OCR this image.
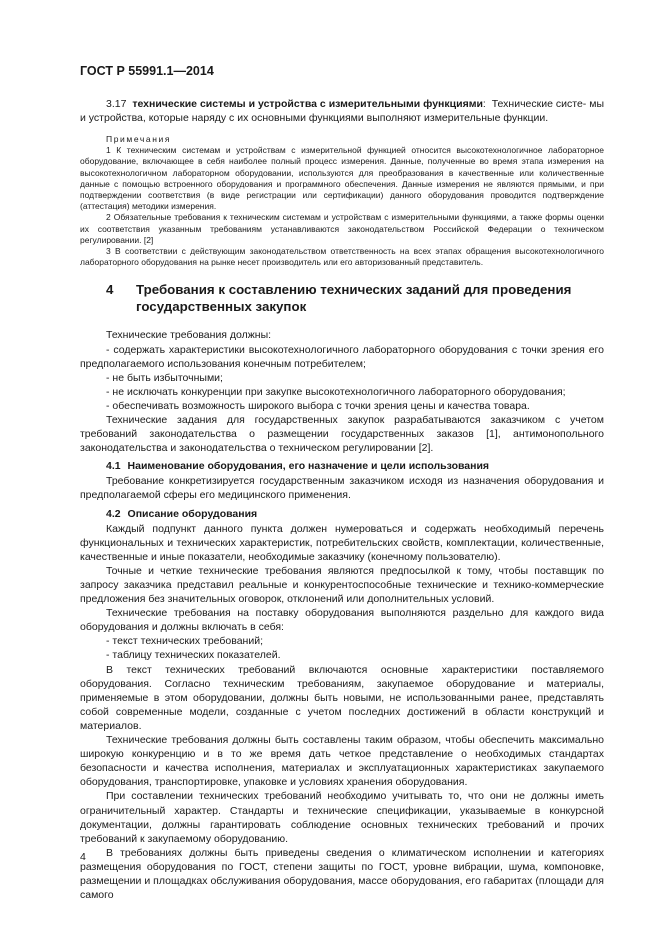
ГОСТ Р 55991.1—2014

3.17 технические системы и устройства с измерительными функциями: Технические систе- мы и устройства, которые наряду с их основными функциями выполняют измерительные функции.

Примечания

1 К техническим системам и устройствам с измерительной функцией относится высокотехнологичное лабораторное оборудование, включающее в себя наиболее полный процесс измерения. Данные, полученные во время этапа измерения на высокотехнологичном лабораторном оборудовании, используются для преобразования в качественные или количественные данные с помощью встроенного оборудования и программного обеспечения. Данные измерения не являются прямыми, и при подтверждении соответствия (в виде регистрации или сертификации) данного оборудования проводится подтверждение (аттестация) методики измерения.

2 Обязательные требования к техническим системам и устройствам с измерительными функциями, а также формы оценки их соответствия указанным требованиям устанавливаются законодательством Российской Федерации о техническом регулировании. [2]

3 В соответствии с действующим законодательством ответственность на всех этапах обращения высокотехнологичного лабораторного оборудования на рынке несет производитель или его авторизованный представитель.

4	Требования к составлению технических заданий для проведения государственных закупок

Технические требования должны:

- содержать характеристики высокотехнологичного лабораторного оборудования с точки зрения его предполагаемого использования конечным потребителем;

- не быть избыточными;

- не исключать конкуренции при закупке высокотехнологичного лабораторного оборудования;

- обеспечивать возможность широкого выбора с точки зрения цены и качества товара.

Технические задания для государственных закупок разрабатываются заказчиком с учетом требований законодательства о размещении государственных заказов [1], антимонопольного законодательства и законодательства о техническом регулировании [2].

4.1 Наименование оборудования, его назначение и цели использования

Требование конкретизируется государственным заказчиком исходя из назначения оборудования и предполагаемой сферы его медицинского применения.

4.2 Описание оборудования

Каждый подпункт данного пункта должен нумероваться и содержать необходимый перечень функциональных и технических характеристик, потребительских свойств, комплектации, количественные, качественные и иные показатели, необходимые заказчику (конечному пользователю).

Точные и четкие технические требования являются предпосылкой к тому, чтобы поставщик по запросу заказчика представил реальные и конкурентоспособные технические и технико-коммерческие предложения без значительных оговорок, отклонений или дополнительных условий.

Технические требования на поставку оборудования выполняются раздельно для каждого вида оборудования и должны включать в себя:

- текст технических требований;

- таблицу технических показателей.

В текст технических требований включаются основные характеристики поставляемого оборудования. Согласно техническим требованиям, закупаемое оборудование и материалы, применяемые в этом оборудовании, должны быть новыми, не использованными ранее, представлять собой современные модели, созданные с учетом последних достижений в области конструкций и материалов.

Технические требования должны быть составлены таким образом, чтобы обеспечить максимально широкую конкуренцию и в то же время дать четкое представление о необходимых стандартах безопасности и качества исполнения, материалах и эксплуатационных характеристиках закупаемого оборудования, транспортировке, упаковке и условиях хранения оборудования.

При составлении технических требований необходимо учитывать то, что они не должны иметь ограничительный характер. Стандарты и технические спецификации, указываемые в конкурсной документации, должны гарантировать соблюдение основных технических требований и прочих требований к закупаемому оборудованию.

В требованиях должны быть приведены сведения о климатическом исполнении и категориях размещения оборудования по ГОСТ, степени защиты по ГОСТ, уровне вибрации, шума, компоновке, размещении и площадках обслуживания оборудования, массе оборудования, его габаритах (площади для самого

4
